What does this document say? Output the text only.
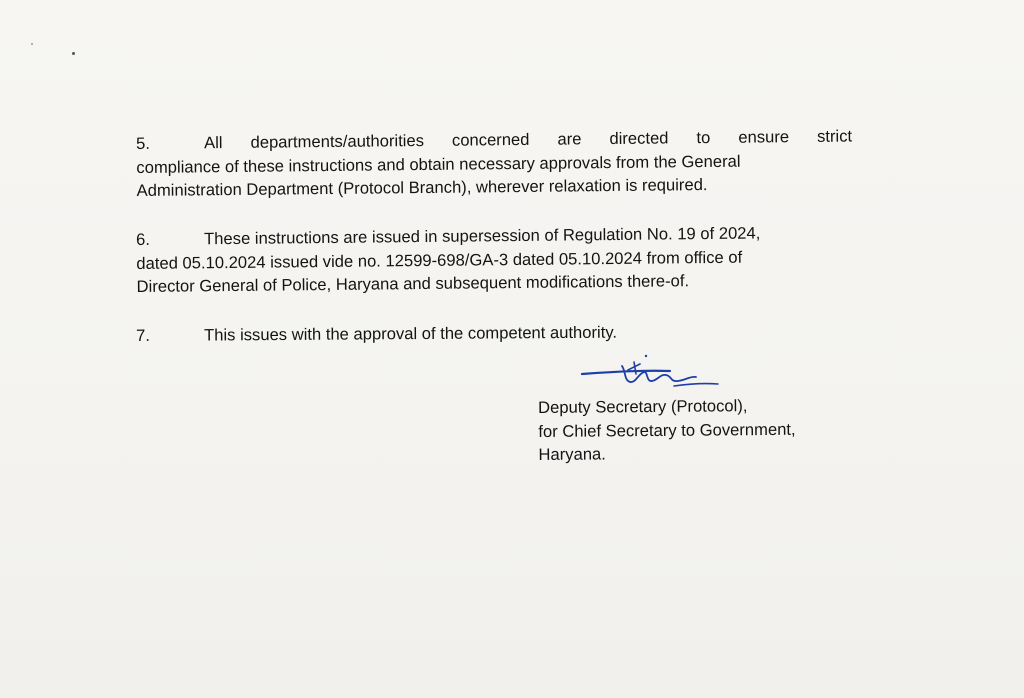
5.	All departments/authorities concerned are directed to ensure strict
compliance of these instructions and obtain necessary approvals from the General
Administration Department (Protocol Branch), wherever relaxation is required.
6.	These instructions are issued in supersession of Regulation No. 19 of 2024,
dated 05.10.2024 issued vide no. 12599-698/GA-3 dated 05.10.2024 from office of
Director General of Police, Haryana and subsequent modifications there-of.
7.	This issues with the approval of the competent authority.
Deputy Secretary (Protocol),
for Chief Secretary to Government,
Haryana.
